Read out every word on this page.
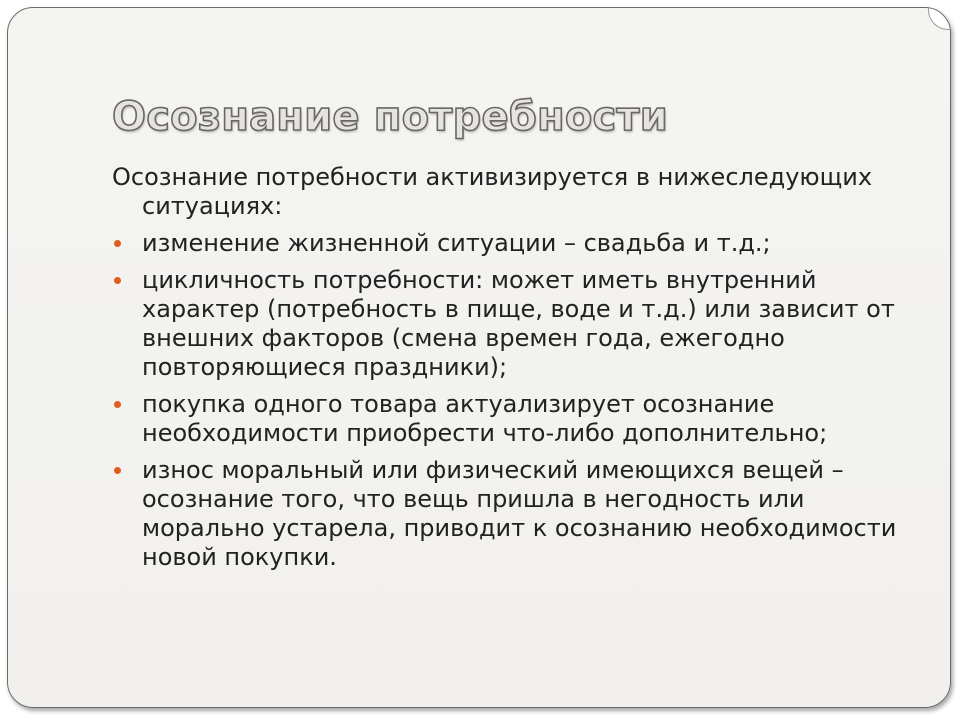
Осознание потребности

Осознание потребности активизируется в нижеследующих ситуациях:

изменение жизненной ситуации – свадьба и т.д.;
цикличность потребности: может иметь внутренний характер (потребность в пище, воде и т.д.) или зависит от внешних факторов (смена времен года, ежегодно повторяющиеся праздники);
покупка одного товара актуализирует осознание необходимости приобрести что-либо дополнительно;
износ моральный или физический имеющихся вещей – осознание того, что вещь пришла в негодность или морально устарела, приводит к осознанию необходимости новой покупки.
